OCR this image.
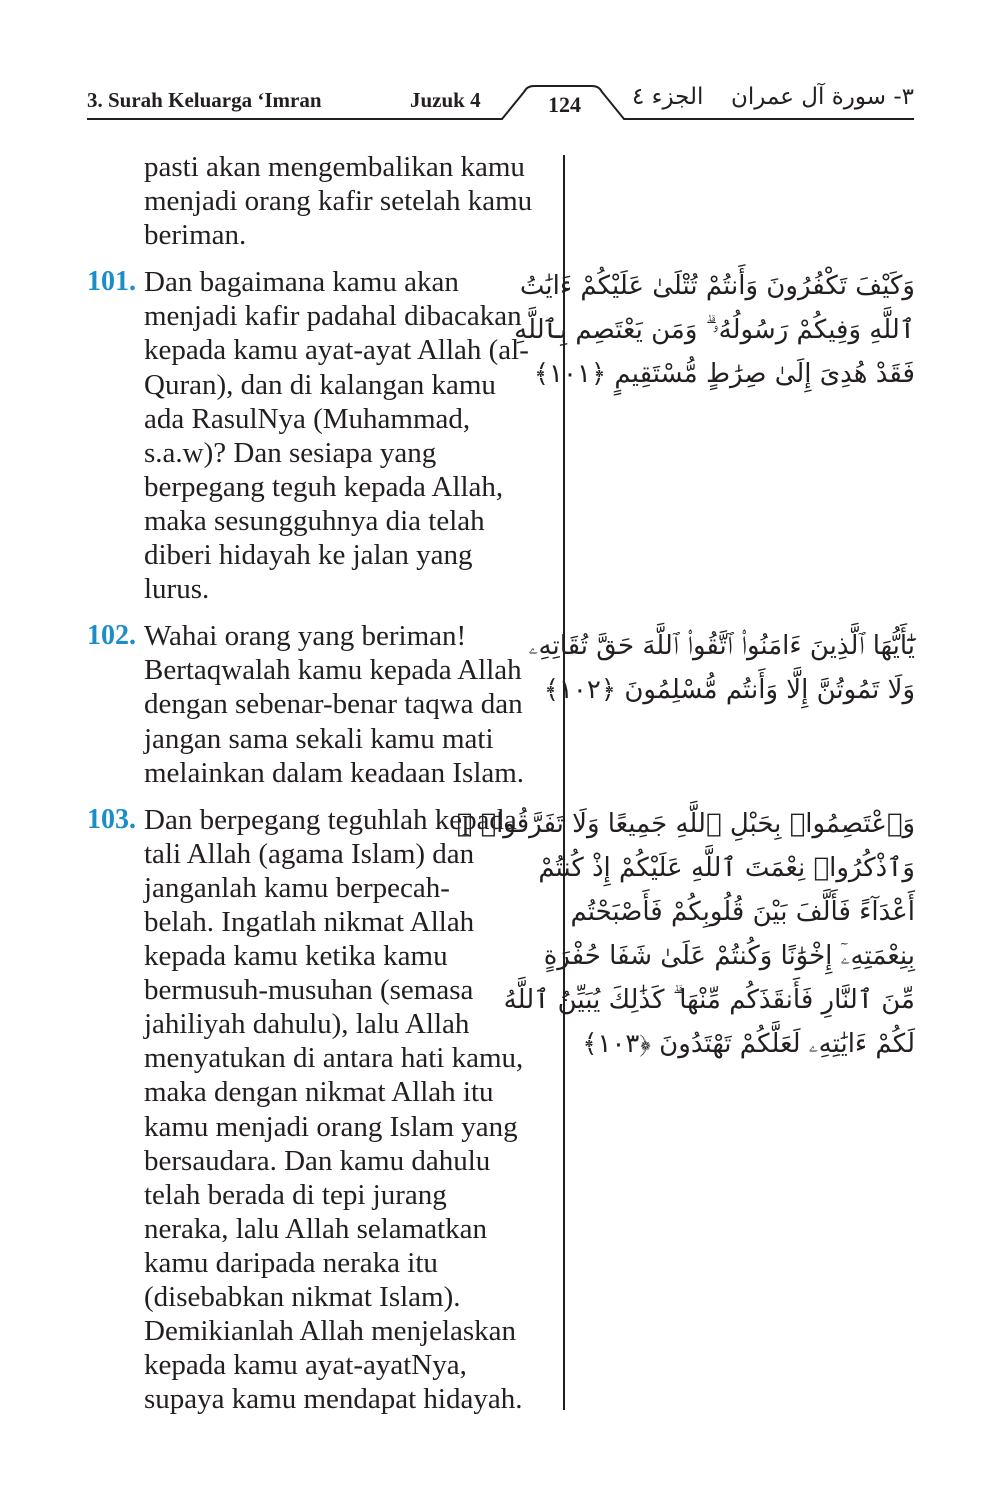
3. Surah Keluarga ‘Imran	Juzuk 4	124	الجزء ٤ ٣- سورة آل عمران
pasti akan mengembalikan kamu
menjadi orang kafir setelah kamu
beriman.
101. Dan bagaimana kamu akan
menjadi kafir padahal dibacakan
kepada kamu ayat-ayat Allah (al-
Quran), dan di kalangan kamu
ada RasulNya (Muhammad,
s.a.w)? Dan sesiapa yang
berpegang teguh kepada Allah,
maka sesungguhnya dia telah
diberi hidayah ke jalan yang
lurus.
102. Wahai orang yang beriman!
Bertaqwalah kamu kepada Allah
dengan sebenar-benar taqwa dan
jangan sama sekali kamu mati
melainkan dalam keadaan Islam.
103. Dan berpegang teguhlah kepada
tali Allah (agama Islam) dan
janganlah kamu berpecah-
belah. Ingatlah nikmat Allah
kepada kamu ketika kamu
bermusuh-musuhan (semasa
jahiliyah dahulu), lalu Allah
menyatukan di antara hati kamu,
maka dengan nikmat Allah itu
kamu menjadi orang Islam yang
bersaudara. Dan kamu dahulu
telah berada di tepi jurang
neraka, lalu Allah selamatkan
kamu daripada neraka itu
(disebabkan nikmat Islam).
Demikianlah Allah menjelaskan
kepada kamu ayat-ayatNya,
supaya kamu mendapat hidayah.
وَكَيْفَ تَكْفُرُونَ وَأَنتُمْ تُتْلَىٰ عَلَيْكُمْ ءَايَٰتُ
ٱللَّهِ وَفِيكُمْ رَسُولُهُۥ ۗ وَمَن يَعْتَصِم بِٱللَّهِ
فَقَدْ هُدِىَ إِلَىٰ صِرَٰطٍ مُّسْتَقِيمٍ ﴿١٠١﴾
يَٰٓأَيُّهَا ٱلَّذِينَ ءَامَنُوا۟ ٱتَّقُوا۟ ٱللَّهَ حَقَّ تُقَاتِهِۦ
وَلَا تَمُوتُنَّ إِلَّا وَأَنتُم مُّسْلِمُونَ ﴿١٠٢﴾
وَٱعْتَصِمُوا۟ بِحَبْلِ ٱللَّهِ جَمِيعًا وَلَا تَفَرَّقُوا۟ ۚ
وَٱذْكُرُوا۟ نِعْمَتَ ٱللَّهِ عَلَيْكُمْ إِذْ كُنتُمْ
أَعْدَآءً فَأَلَّفَ بَيْنَ قُلُوبِكُمْ فَأَصْبَحْتُم
بِنِعْمَتِهِۦٓ إِخْوَٰنًا وَكُنتُمْ عَلَىٰ شَفَا حُفْرَةٍ
مِّنَ ٱلنَّارِ فَأَنقَذَكُم مِّنْهَا ۗ كَذَٰلِكَ يُبَيِّنُ ٱللَّهُ
لَكُمْ ءَايَٰتِهِۦ لَعَلَّكُمْ تَهْتَدُونَ ﴿١٠٣﴾
